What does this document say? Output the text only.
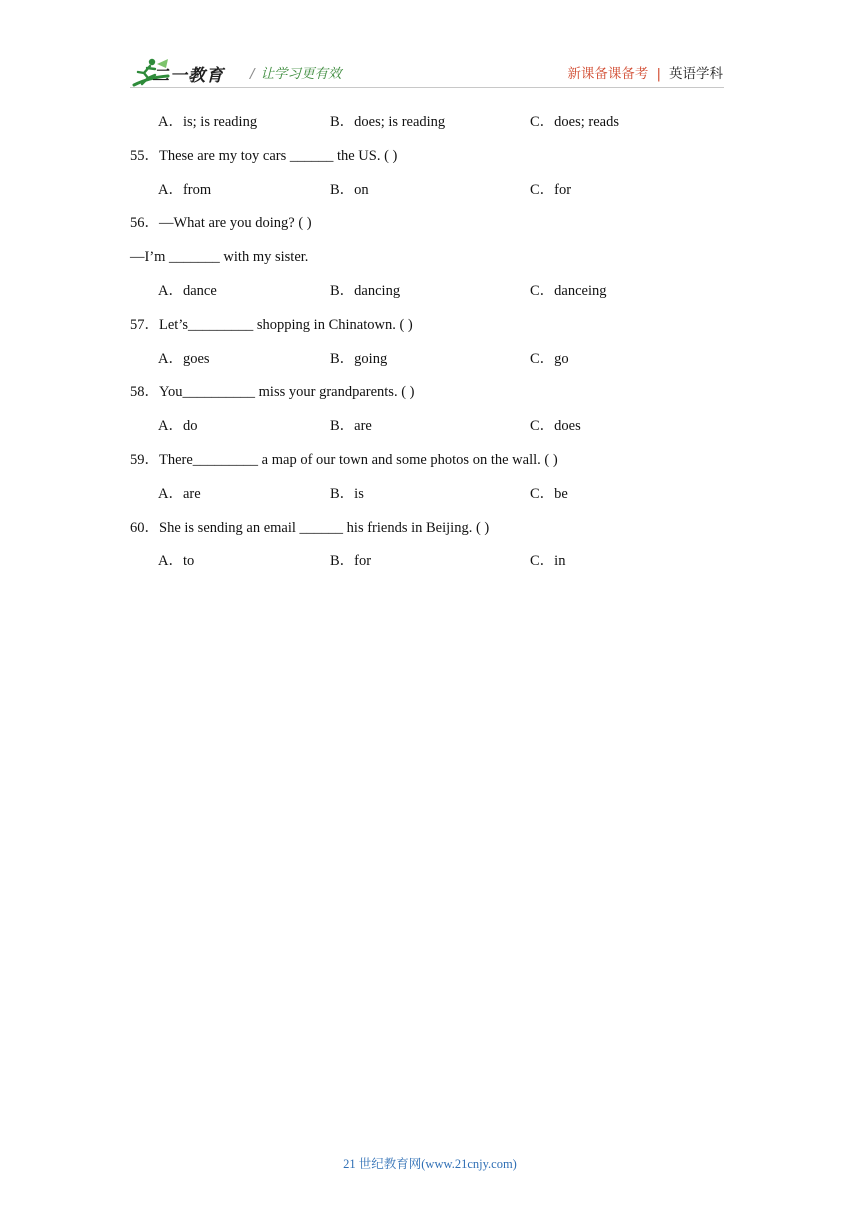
二一教育 / 让学习更有效	新课备课备考 | 英语学科
A．is; is reading	B．does; is reading	C．does; reads
55．These are my toy cars ______ the US. ( )
A．from	B．on	C．for
56．—What are you doing? ( )
—I’m _______ with my sister.
A．dance	B．dancing	C．danceing
57．Let’s_________ shopping in Chinatown. ( )
A．goes	B．going	C．go
58．You__________ miss your grandparents. ( )
A．do	B．are	C．does
59．There_________ a map of our town and some photos on the wall. ( )
A．are	B．is	C．be
60．She is sending an email ______ his friends in Beijing. ( )
A．to	B．for	C．in
21 世纪教育网(www.21cnjy.com)
